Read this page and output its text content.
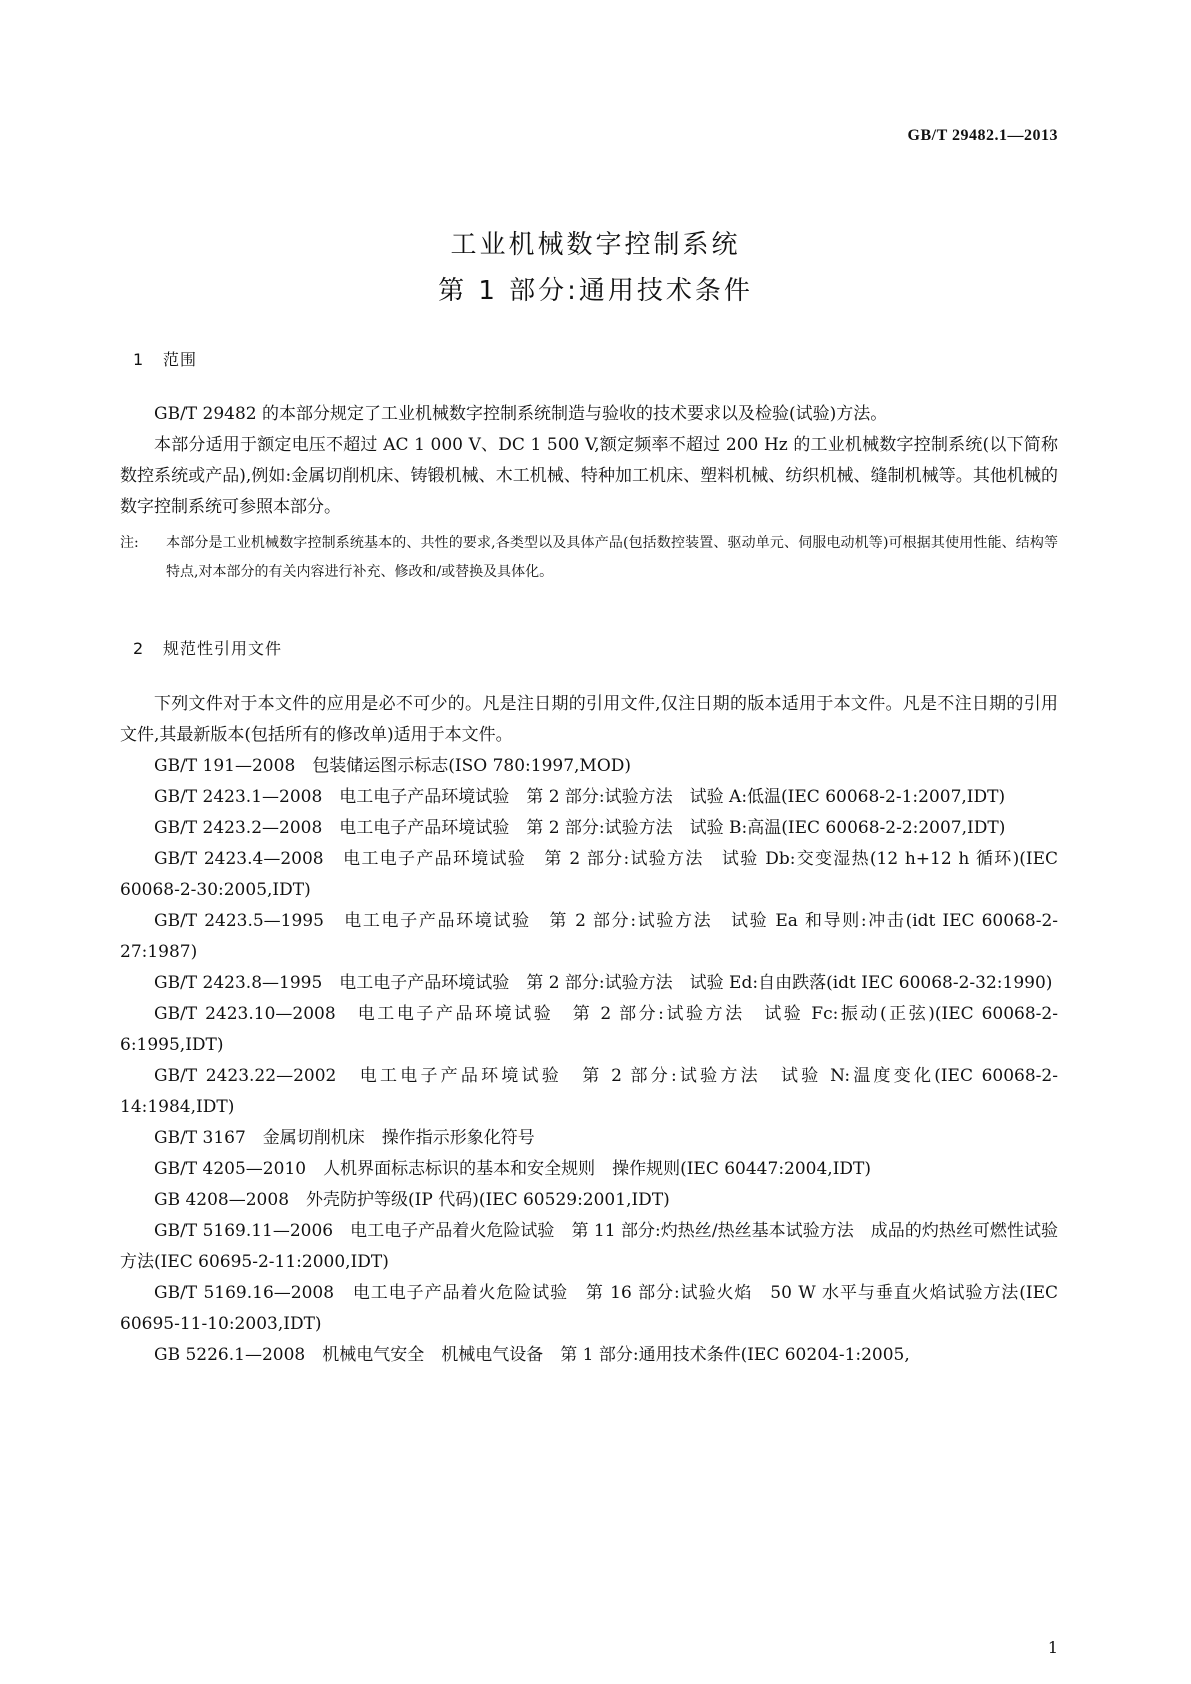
GB/T 29482.1—2013
工业机械数字控制系统
第 1 部分:通用技术条件
1 范围

GB/T 29482 的本部分规定了工业机械数字控制系统制造与验收的技术要求以及检验(试验)方法。

本部分适用于额定电压不超过 AC 1 000 V、DC 1 500 V,额定频率不超过 200 Hz 的工业机械数字控制系统(以下简称数控系统或产品),例如:金属切削机床、铸锻机械、木工机械、特种加工机床、塑料机械、纺织机械、缝制机械等。其他机械的数字控制系统可参照本部分。

注: 本部分是工业机械数字控制系统基本的、共性的要求,各类型以及具体产品(包括数控装置、驱动单元、伺服电动机等)可根据其使用性能、结构等特点,对本部分的有关内容进行补充、修改和/或替换及具体化。

2 规范性引用文件

下列文件对于本文件的应用是必不可少的。凡是注日期的引用文件,仅注日期的版本适用于本文件。凡是不注日期的引用文件,其最新版本(包括所有的修改单)适用于本文件。

GB/T 191—2008　包装储运图示标志(ISO 780:1997,MOD)

GB/T 2423.1—2008　电工电子产品环境试验　第 2 部分:试验方法　试验 A:低温(IEC 60068-2-1:2007,IDT)

GB/T 2423.2—2008　电工电子产品环境试验　第 2 部分:试验方法　试验 B:高温(IEC 60068-2-2:2007,IDT)

GB/T 2423.4—2008　电工电子产品环境试验　第 2 部分:试验方法　试验 Db:交变湿热(12 h+12 h 循环)(IEC 60068-2-30:2005,IDT)

GB/T 2423.5—1995　电工电子产品环境试验　第 2 部分:试验方法　试验 Ea 和导则:冲击(idt IEC 60068-2-27:1987)

GB/T 2423.8—1995　电工电子产品环境试验　第 2 部分:试验方法　试验 Ed:自由跌落(idt IEC 60068-2-32:1990)

GB/T 2423.10—2008　电工电子产品环境试验　第 2 部分:试验方法　试验 Fc:振动(正弦)(IEC 60068-2-6:1995,IDT)

GB/T 2423.22—2002　电工电子产品环境试验　第 2 部分:试验方法　试验 N:温度变化(IEC 60068-2-14:1984,IDT)

GB/T 3167　金属切削机床　操作指示形象化符号

GB/T 4205—2010　人机界面标志标识的基本和安全规则　操作规则(IEC 60447:2004,IDT)

GB 4208—2008　外壳防护等级(IP 代码)(IEC 60529:2001,IDT)

GB/T 5169.11—2006　电工电子产品着火危险试验　第 11 部分:灼热丝/热丝基本试验方法　成品的灼热丝可燃性试验方法(IEC 60695-2-11:2000,IDT)

GB/T 5169.16—2008　电工电子产品着火危险试验　第 16 部分:试验火焰　50 W 水平与垂直火焰试验方法(IEC 60695-11-10:2003,IDT)

GB 5226.1—2008　机械电气安全　机械电气设备　第 1 部分:通用技术条件(IEC 60204-1:2005,

1
